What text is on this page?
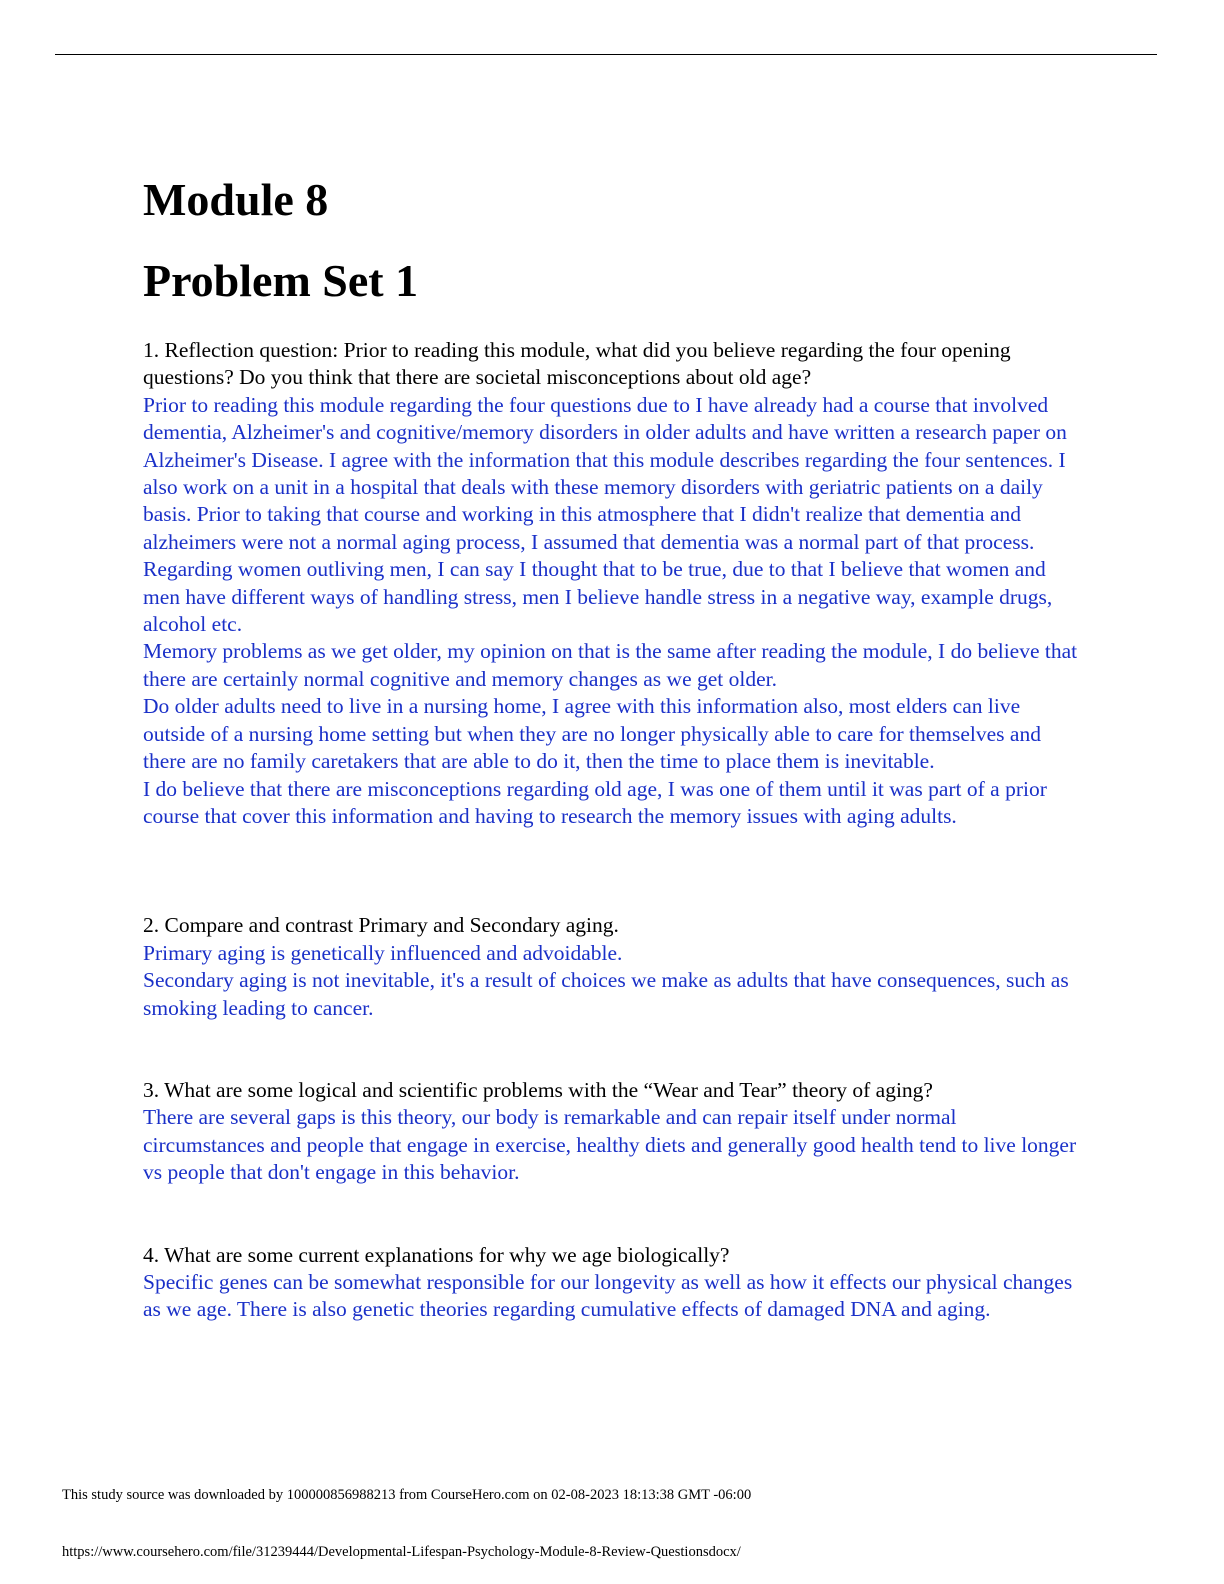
Module 8
Problem Set 1

1. Reflection question: Prior to reading this module, what did you believe regarding the four opening questions? Do you think that there are societal misconceptions about old age?

Prior to reading this module regarding the four questions due to I have already had a course that involved dementia, Alzheimer's and cognitive/memory disorders in older adults and have written a research paper on Alzheimer's Disease. I agree with the information that this module describes regarding the four sentences. I also work on a unit in a hospital that deals with these memory disorders with geriatric patients on a daily basis. Prior to taking that course and working in this atmosphere that I didn't realize that dementia and alzheimers were not a normal aging process, I assumed that dementia was a normal part of that process. Regarding women outliving men, I can say I thought that to be true, due to that I believe that women and men have different ways of handling stress, men I believe handle stress in a negative way, example drugs, alcohol etc.

Memory problems as we get older, my opinion on that is the same after reading the module, I do believe that there are certainly normal cognitive and memory changes as we get older.

Do older adults need to live in a nursing home, I agree with this information also, most elders can live outside of a nursing home setting but when they are no longer physically able to care for themselves and there are no family caretakers that are able to do it, then the time to place them is inevitable.

I do believe that there are misconceptions regarding old age, I was one of them until it was part of a prior course that cover this information and having to research the memory issues with aging adults.

2. Compare and contrast Primary and Secondary aging.

Primary aging is genetically influenced and advoidable.

Secondary aging is not inevitable, it's a result of choices we make as adults that have consequences, such as smoking leading to cancer.

3. What are some logical and scientific problems with the “Wear and Tear” theory of aging?

There are several gaps is this theory, our body is remarkable and can repair itself under normal circumstances and people that engage in exercise, healthy diets and generally good health tend to live longer vs people that don't engage in this behavior.

4. What are some current explanations for why we age biologically?

Specific genes can be somewhat responsible for our longevity as well as how it effects our physical changes as we age. There is also genetic theories regarding cumulative effects of damaged DNA and aging.

This study source was downloaded by 100000856988213 from CourseHero.com on 02-08-2023 18:13:38 GMT -06:00
https://www.coursehero.com/file/31239444/Developmental-Lifespan-Psychology-Module-8-Review-Questionsdocx/
